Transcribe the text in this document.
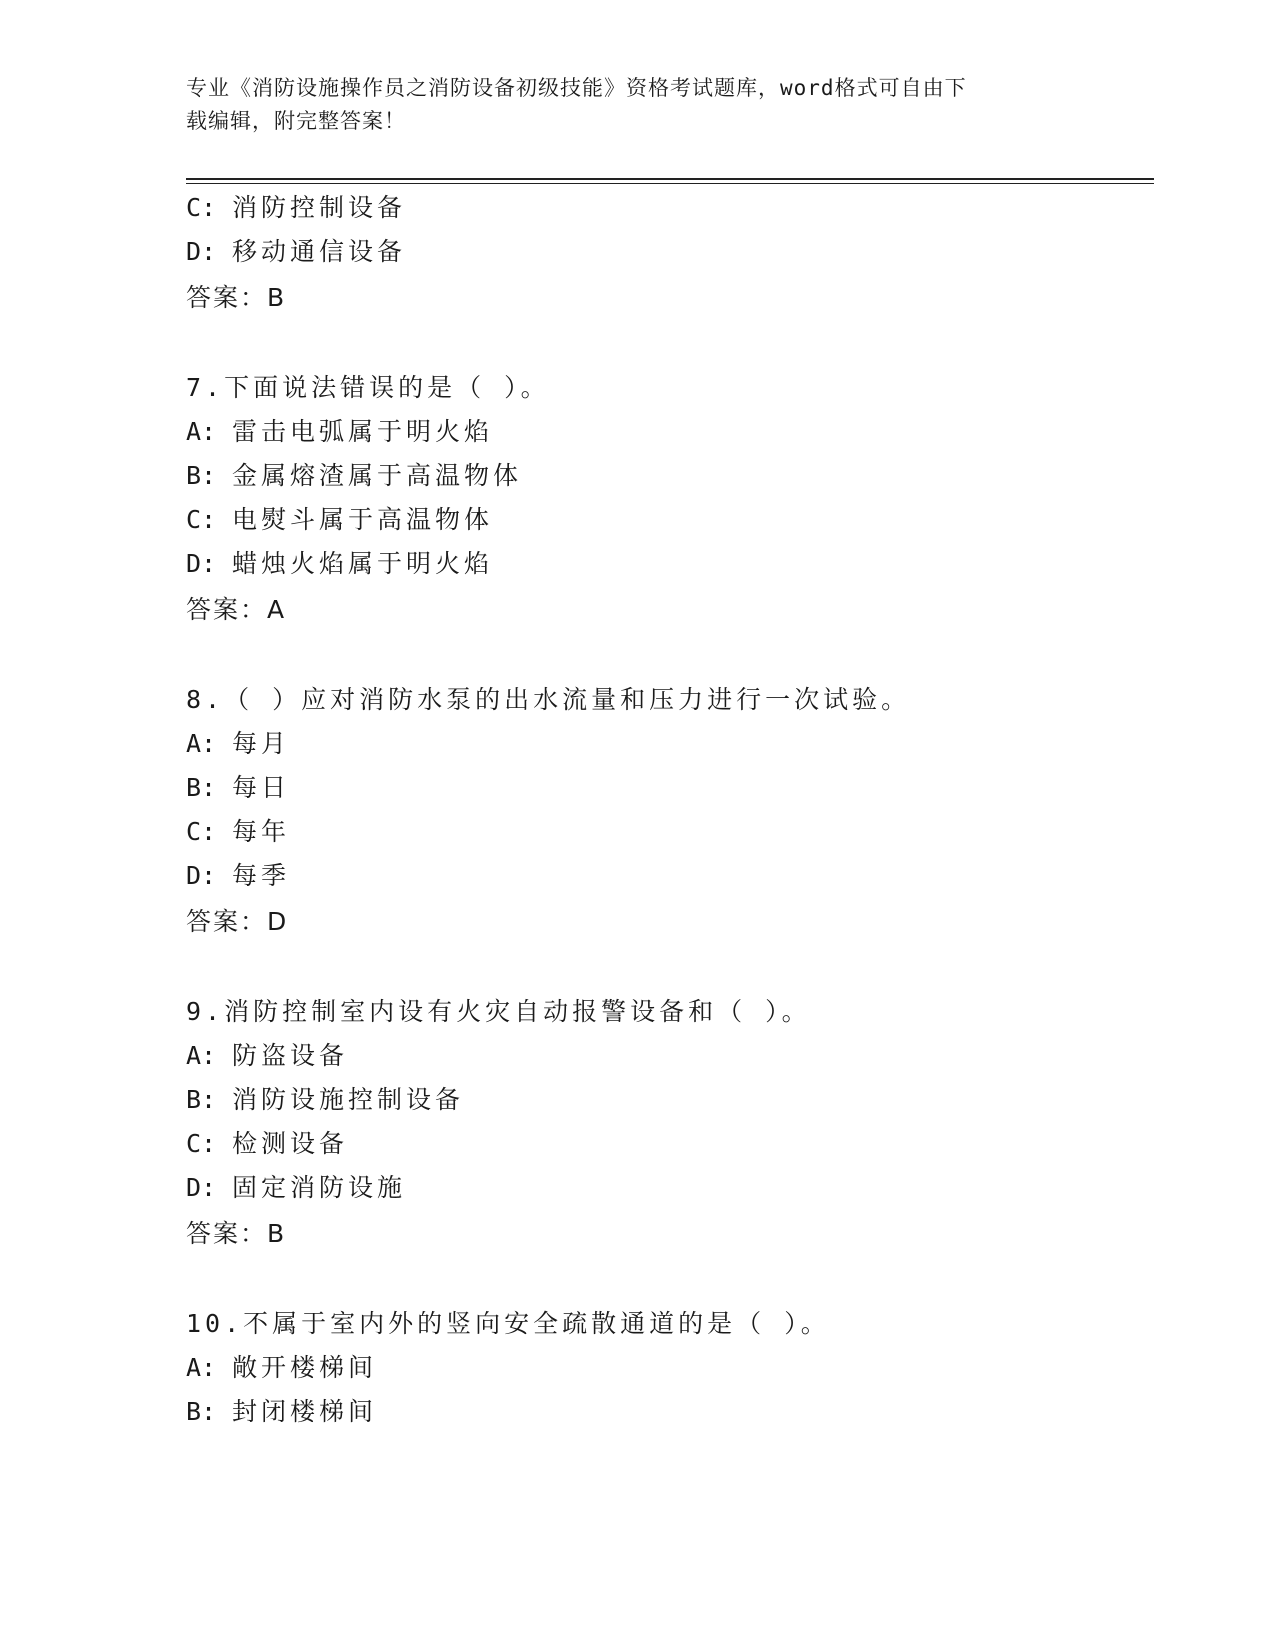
专业《消防设施操作员之消防设备初级技能》资格考试题库，word格式可自由下
载编辑，附完整答案！
C: 消防控制设备
D: 移动通信设备
答案：B
7.下面说法错误的是（ ）。
A: 雷击电弧属于明火焰
B: 金属熔渣属于高温物体
C: 电熨斗属于高温物体
D: 蜡烛火焰属于明火焰
答案：A
8.（ ）应对消防水泵的出水流量和压力进行一次试验。
A: 每月
B: 每日
C: 每年
D: 每季
答案：D
9.消防控制室内设有火灾自动报警设备和（ ）。
A: 防盗设备
B: 消防设施控制设备
C: 检测设备
D: 固定消防设施
答案：B
10.不属于室内外的竖向安全疏散通道的是（ ）。
A: 敞开楼梯间
B: 封闭楼梯间
